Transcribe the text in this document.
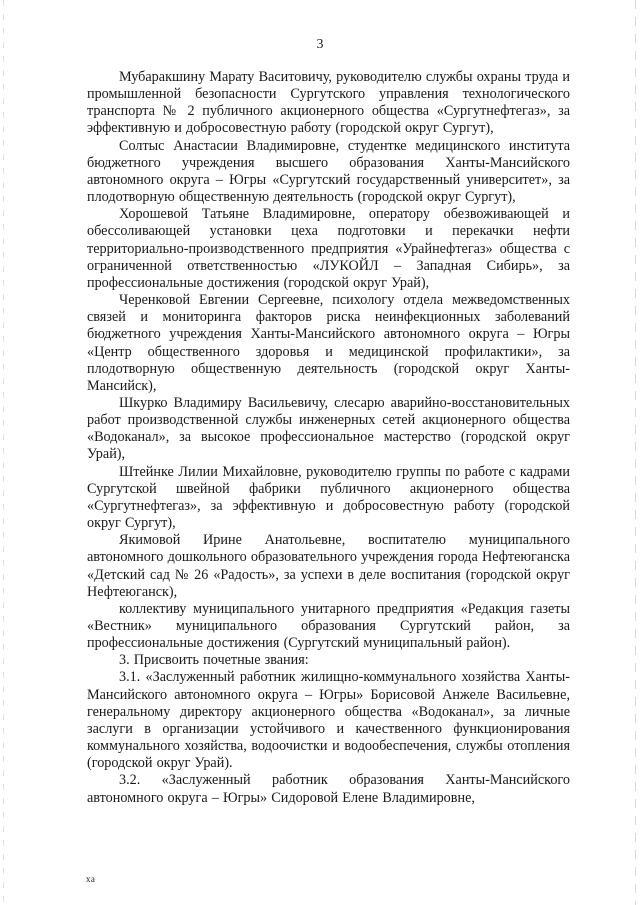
3

Мубаракшину Марату Васитовичу, руководителю службы охраны труда и промышленной безопасности Сургутского управления технологического транспорта № 2 публичного акционерного общества «Сургутнефтегаз», за эффективную и добросовестную работу (городской округ Сургут),

Солтыс Анастасии Владимировне, студентке медицинского института бюджетного учреждения высшего образования Ханты-Мансийского автономного округа – Югры «Сургутский государственный университет», за плодотворную общественную деятельность (городской округ Сургут),

Хорошевой Татьяне Владимировне, оператору обезвоживающей и обессоливающей установки цеха подготовки и перекачки нефти территориально-производственного предприятия «Урайнефтегаз» общества с ограниченной ответственностью «ЛУКОЙЛ – Западная Сибирь», за профессиональные достижения (городской округ Урай),

Черенковой Евгении Сергеевне, психологу отдела межведомственных связей и мониторинга факторов риска неинфекционных заболеваний бюджетного учреждения Ханты-Мансийского автономного округа – Югры «Центр общественного здоровья и медицинской профилактики», за плодотворную общественную деятельность (городской округ Ханты-Мансийск),

Шкурко Владимиру Васильевичу, слесарю аварийно-восстановительных работ производственной службы инженерных сетей акционерного общества «Водоканал», за высокое профессиональное мастерство (городской округ Урай),

Штейнке Лилии Михайловне, руководителю группы по работе с кадрами Сургутской швейной фабрики публичного акционерного общества «Сургутнефтегаз», за эффективную и добросовестную работу (городской округ Сургут),

Якимовой Ирине Анатольевне, воспитателю муниципального автономного дошкольного образовательного учреждения города Нефтеюганска «Детский сад № 26 «Радость», за успехи в деле воспитания (городской округ Нефтеюганск),

коллективу муниципального унитарного предприятия «Редакция газеты «Вестник» муниципального образования Сургутский район, за профессиональные достижения (Сургутский муниципальный район).

3. Присвоить почетные звания:

3.1. «Заслуженный работник жилищно-коммунального хозяйства Ханты-Мансийского автономного округа – Югры» Борисовой Анжеле Васильевне, генеральному директору акционерного общества «Водоканал», за личные заслуги в организации устойчивого и качественного функционирования коммунального хозяйства, водоочистки и водообеспечения, службы отопления (городской округ Урай).

3.2. «Заслуженный работник образования Ханты-Мансийского автономного округа – Югры» Сидоровой Елене Владимировне,

ха
